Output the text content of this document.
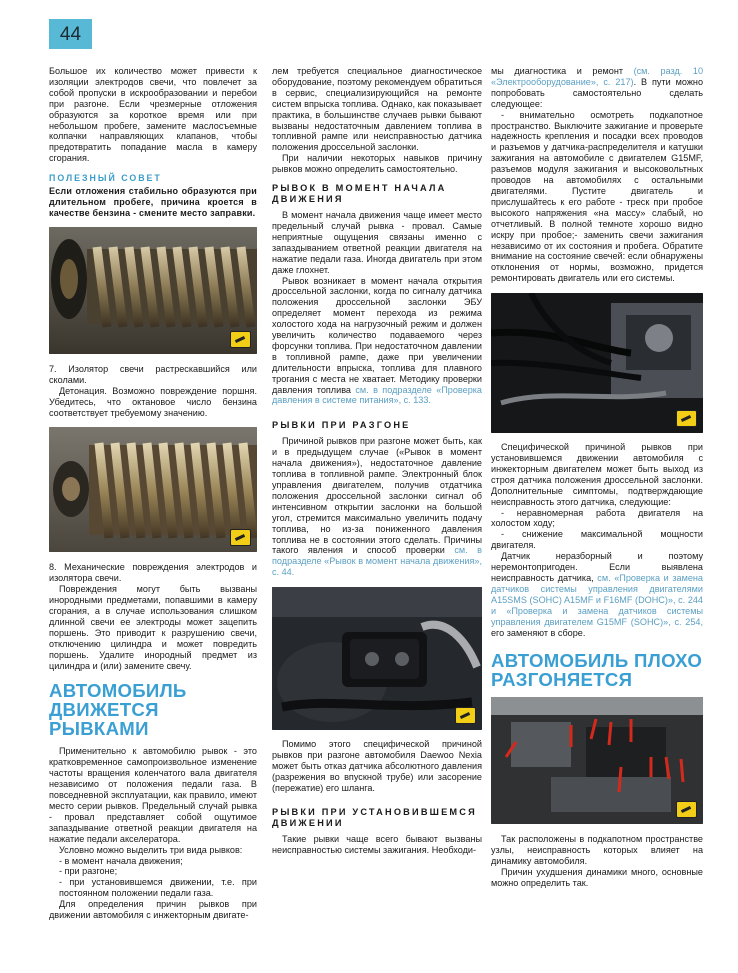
44

Большое их количество может привести к изоляции электродов свечи, что повлечет за собой пропуски в искрообразовании и перебои при разгоне. Если чрезмерные отложения образуются за короткое время или при небольшом пробеге, замените маслосъемные колпачки направляющих клапанов, чтобы предотвратить попадание масла в камеру сгорания.

ПОЛЕЗНЫЙ СОВЕТ

Если отложения стабильно образуются при длительном пробеге, причина кроется в качестве бензина - смените место заправки.

7. Изолятор свечи растрескавшийся или сколами.

Детонация. Возможно повреждение поршня. Убедитесь, что октановое число бензина соответствует требуемому значению.

8. Механические повреждения электродов и изолятора свечи.

Повреждения могут быть вызваны инородными предметами, попавшими в камеру сгорания, а в случае использования слишком длинной свечи ее электроды может зацепить поршень. Это приводит к разрушению свечи, отключению цилиндра и может повредить поршень. Удалите инородный предмет из цилиндра и (или) замените свечу.

АВТОМОБИЛЬ ДВИЖЕТСЯ РЫВКАМИ

Применительно к автомобилю рывок - это кратковременное самопроизвольное изменение частоты вращения коленчатого вала двигателя независимо от положения педали газа. В повседневной эксплуатации, как правило, имеют место серии рывков. Предельный случай рывка - провал представляет собой ощутимое запаздывание ответной реакции двигателя на нажатие педали акселератора.

Условно можно выделить три вида рывков:

- в момент начала движения;
- при разгоне;
- при установившемся движении, т.е. при постоянном положении педали газа.

Для определения причин рывков при движении автомобиля с инжекторным двигате-

лем требуется специальное диагностическое оборудование, поэтому рекомендуем обратиться в сервис, специализирующийся на ремонте систем впрыска топлива. Однако, как показывает практика, в большинстве случаев рывки бывают вызваны недостаточным давлением топлива в топливной рампе или неисправностью датчика положения дроссельной заслонки.

При наличии некоторых навыков причину рывков можно определить самостоятельно.

РЫВОК В МОМЕНТ НАЧАЛА ДВИЖЕНИЯ

В момент начала движения чаще имеет место предельный случай рывка - провал. Самые неприятные ощущения связаны именно с запаздыванием ответной реакции двигателя на нажатие педали газа. Иногда двигатель при этом даже глохнет.

Рывок возникает в момент начала открытия дроссельной заслонки, когда по сигналу датчика положения дроссельной заслонки ЭБУ определяет момент перехода из режима холостого хода на нагрузочный режим и должен увеличить количество подаваемого через форсунки топлива. При недостаточном давлении в топливной рампе, даже при увеличении длительности впрыска, топлива для плавного трогания с места не хватает. Методику проверки давления топлива см. в подразделе «Проверка давления в системе питания», с. 133.

РЫВКИ ПРИ РАЗГОНЕ

Причиной рывков при разгоне может быть, как и в предыдущем случае («Рывок в момент начала движения»), недостаточное давление топлива в топливной рампе. Электронный блок управления двигателем, получив отдатчика положения дроссельной заслонки сигнал об интенсивном открытии заслонки на большой угол, стремится максимально увеличить подачу топлива, но из-за пониженного давления топлива не в состоянии этого сделать. Причины такого явления и способ проверки см. в подразделе «Рывок в момент начала движения», с. 44.

Помимо этого специфической причиной рывков при разгоне автомобиля Daewoo Nexia может быть отказ датчика абсолютного давления (разрежения во впускной трубе) или засорение (пережатие) его шланга.

РЫВКИ ПРИ УСТАНОВИВШЕМСЯ ДВИЖЕНИИ

Такие рывки чаще всего бывают вызваны неисправностью системы зажигания. Необходи-

мы диагностика и ремонт (см. разд. 10 «Электрооборудование», с. 217). В пути можно попробовать самостоятельно сделать следующее:

- внимательно осмотреть подкапотное пространство. Выключите зажигание и проверьте надежность крепления и посадки всех проводов и разъемов у датчика-распределителя и катушки зажигания на автомобиле с двигателем G15MF, разъемов модуля зажигания и высоковольтных проводов на автомобилях с остальными двигателями. Пустите двигатель и прислушайтесь к его работе - треск при пробое высокого напряжения «на массу» слабый, но отчетливый. В полной темноте хорошо видно искру при пробое;- заменить свечи зажигания независимо от их состояния и пробега. Обратите внимание на состояние свечей: если обнаружены отклонения от нормы, возможно, придется ремонтировать двигатель или его системы.

Специфической причиной рывков при установившемся движении автомобиля с инжекторным двигателем может быть выход из строя датчика положения дроссельной заслонки. Дополнительные симптомы, подтверждающие неисправность этого датчика, следующие:

- неравномерная работа двигателя на холостом ходу;

- снижение максимальной мощности двигателя.

Датчик неразборный и поэтому неремонтопригоден. Если выявлена неисправность датчика, см. «Проверка и замена датчиков системы управления двигателями A15SMS (SOHC) A15MF и F16MF (DOHC)», с. 244 и «Проверка и замена датчиков системы управления двигателем G15MF (SOHC)», с. 254, его заменяют в сборе.

АВТОМОБИЛЬ ПЛОХО РАЗГОНЯЕТСЯ

Так расположены в подкапотном пространстве узлы, неисправность которых влияет на динамику автомобиля.

Причин ухудшения динамики много, основные можно определить так.
